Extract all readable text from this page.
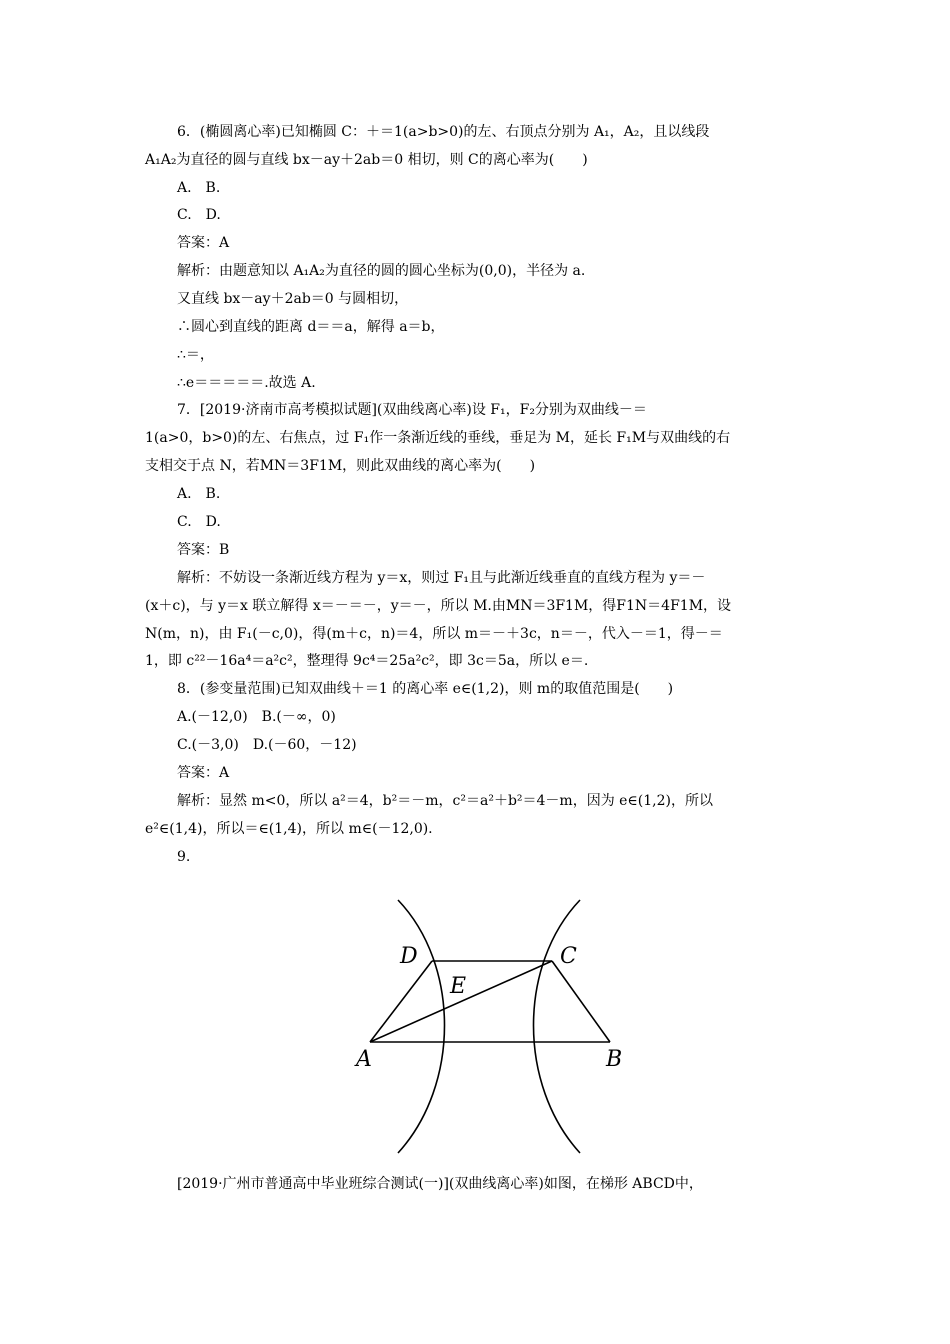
6．(椭圆离心率)已知椭圆 C：＋＝1(a>b>0)的左、右顶点分别为 A₁，A₂，且以线段
A₁A₂为直径的圆与直线 bx－ay＋2ab＝0 相切，则 C的离心率为(　　)
A.　B.
C.　D.
答案：A
解析：由题意知以 A₁A₂为直径的圆的圆心坐标为(0,0)，半径为 a.
又直线 bx－ay＋2ab＝0 与圆相切，
∴圆心到直线的距离 d＝＝a，解得 a＝b，
∴＝，
∴e＝＝＝＝＝.故选 A.
7．[2019·济南市高考模拟试题](双曲线离心率)设 F₁，F₂分别为双曲线－＝
1(a>0，b>0)的左、右焦点，过 F₁作一条渐近线的垂线，垂足为 M，延长 F₁M与双曲线的右
支相交于点 N，若MN＝3F1M，则此双曲线的离心率为(　　)
A.　B.
C.　D.
答案：B
解析：不妨设一条渐近线方程为 y＝x，则过 F₁且与此渐近线垂直的直线方程为 y＝－
(x＋c)，与 y＝x 联立解得 x＝－＝－，y＝－，所以 M.由MN＝3F1M，得F1N＝4F1M，设
N(m，n)，由 F₁(－c,0)，得(m＋c，n)＝4，所以 m＝－＋3c，n＝－，代入－＝1，得－＝
1，即 c²²－16a⁴＝a²c²，整理得 9c⁴＝25a²c²，即 3c＝5a，所以 e＝.
8．(参变量范围)已知双曲线＋＝1 的离心率 e∈(1,2)，则 m的取值范围是(　　)
A.(－12,0)　B.(－∞，0)
C.(－3,0)　D.(－60，－12)
答案：A
解析：显然 m<0，所以 a²＝4，b²＝－m，c²＝a²＋b²＝4－m，因为 e∈(1,2)，所以
e²∈(1,4)，所以＝∈(1,4)，所以 m∈(－12,0).
9.
D	C
E
A	B
[2019·广州市普通高中毕业班综合测试(一)](双曲线离心率)如图，在梯形 ABCD中，
